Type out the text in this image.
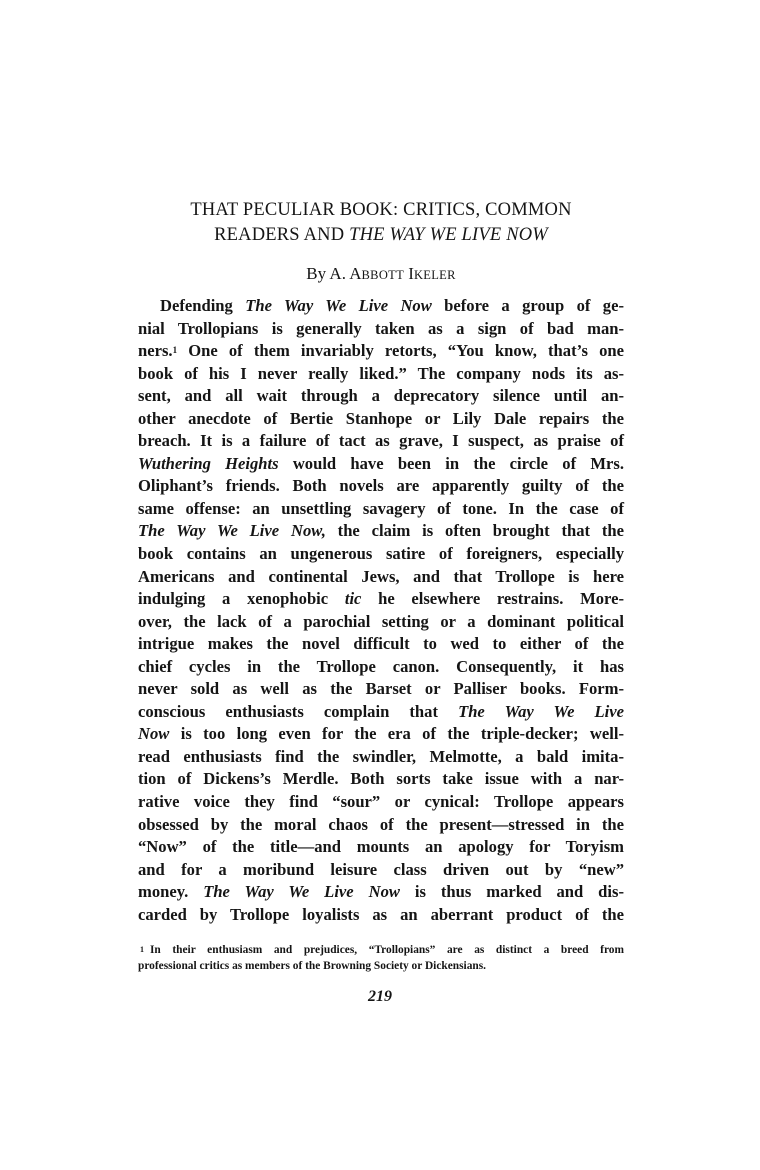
THAT PECULIAR BOOK: CRITICS, COMMON
READERS AND THE WAY WE LIVE NOW
By A. ABBOTT IKELER
Defending The Way We Live Now before a group of ge-
nial Trollopians is generally taken as a sign of bad man-
ners.$^1$ One of them invariably retorts, “You know, that’s one
book of his I never really liked.” The company nods its as-
sent, and all wait through a deprecatory silence until an-
other anecdote of Bertie Stanhope or Lily Dale repairs the
breach. It is a failure of tact as grave, I suspect, as praise of
Wuthering Heights would have been in the circle of Mrs.
Oliphant’s friends. Both novels are apparently guilty of the
same offense: an unsettling savagery of tone. In the case of
The Way We Live Now, the claim is often brought that the
book contains an ungenerous satire of foreigners, especially
Americans and continental Jews, and that Trollope is here
indulging a xenophobic tic he elsewhere restrains. More-
over, the lack of a parochial setting or a dominant political
intrigue makes the novel difficult to wed to either of the
chief cycles in the Trollope canon. Consequently, it has
never sold as well as the Barset or Palliser books. Form-
conscious enthusiasts complain that The Way We Live
Now is too long even for the era of the triple-decker; well-
read enthusiasts find the swindler, Melmotte, a bald imita-
tion of Dickens’s Merdle. Both sorts take issue with a nar-
rative voice they find “sour” or cynical: Trollope appears
obsessed by the moral chaos of the present—stressed in the
“Now” of the title—and mounts an apology for Toryism
and for a moribund leisure class driven out by “new”
money. The Way We Live Now is thus marked and dis-
carded by Trollope loyalists as an aberrant product of the
$^1$ In their enthusiasm and prejudices, “Trollopians” are as distinct a breed from
professional critics as members of the Browning Society or Dickensians.
219
